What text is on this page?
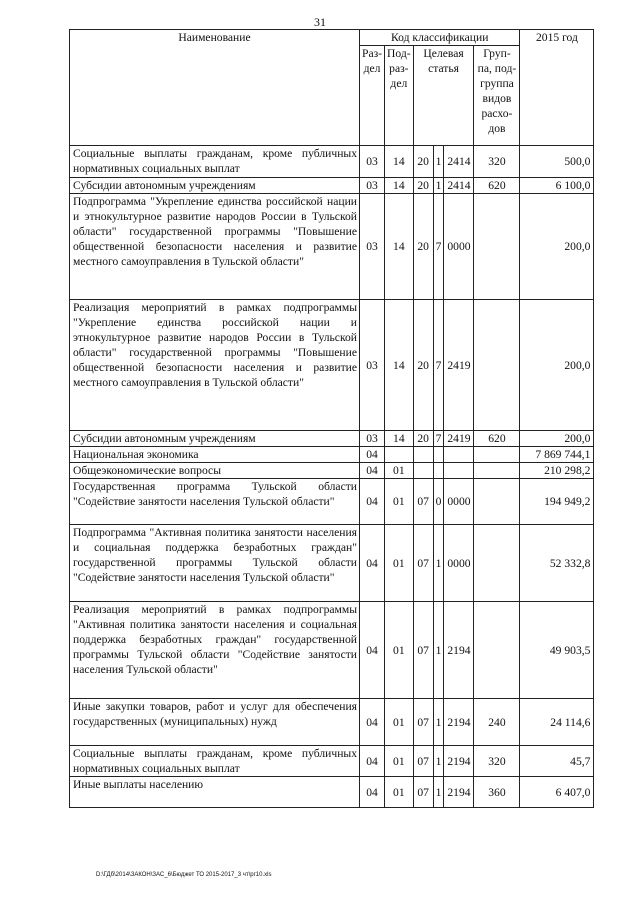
31
Наименование	Код классификации						2015 год
	Раз-дел	Под-раз-дел	Целевая статья			Груп-па, под-группа видов расхо-дов	
Социальные выплаты гражданам, кроме публичных нормативных социальных выплат	03	14	20	1	2414	320	500,0
Субсидии автономным учреждениям	03	14	20	1	2414	620	6 100,0
Подпрограмма "Укрепление единства российской нации и этнокультурное развитие народов России в Тульской области" государственной программы "Повышение общественной безопасности населения и развитие местного самоуправления в Тульской области"	03	14	20	7	0000		200,0
Реализация мероприятий в рамках подпрограммы "Укрепление единства российской нации и этнокультурное развитие народов России в Тульской области" государственной программы "Повышение общественной безопасности населения и развитие местного самоуправления в Тульской области"	03	14	20	7	2419		200,0
Субсидии автономным учреждениям	03	14	20	7	2419	620	200,0
Национальная экономика	04						7 869 744,1
Общеэкономические вопросы	04	01					210 298,2
Государственная программа Тульской области "Содействие занятости населения Тульской области"	04	01	07	0	0000		194 949,2
Подпрограмма "Активная политика занятости населения и социальная поддержка безработных граждан" государственной программы Тульской области "Содействие занятости населения Тульской области"	04	01	07	1	0000		52 332,8
Реализация мероприятий в рамках подпрограммы "Активная политика занятости населения и социальная поддержка безработных граждан" государственной программы Тульской области "Содействие занятости населения Тульской области"	04	01	07	1	2194		49 903,5
Иные закупки товаров, работ и услуг для обеспечения государственных (муниципальных) нужд	04	01	07	1	2194	240	24 114,6
Социальные выплаты гражданам, кроме публичных нормативных социальных выплат	04	01	07	1	2194	320	45,7
Иные выплаты населению	04	01	07	1	2194	360	6 407,0
D:\ГДб\2014\ЗАКОН\ЗАС_6\Бюджет ТО 2015-2017_3 чт\рг10.xls
